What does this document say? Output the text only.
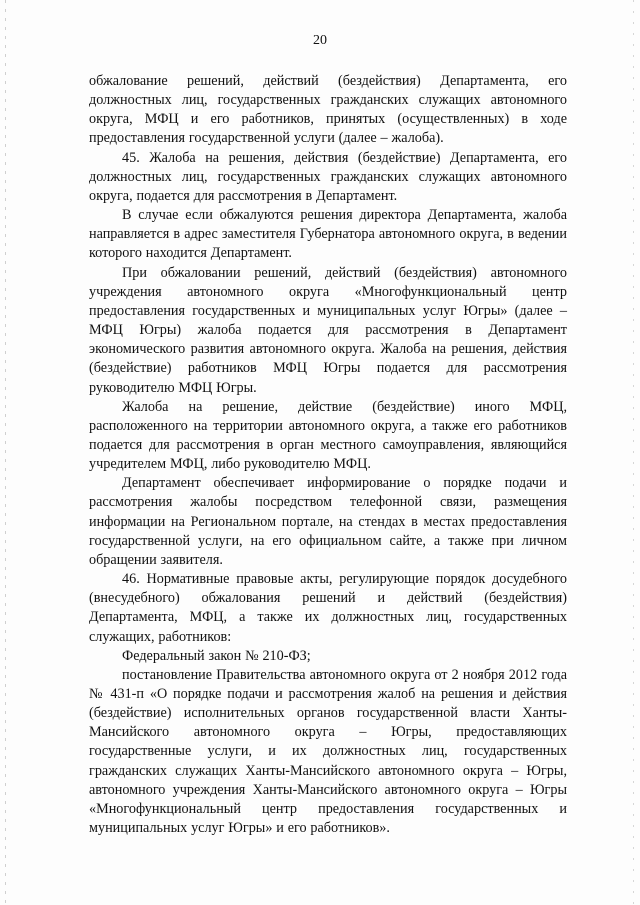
20

обжалование решений, действий (бездействия) Департамента, его должностных лиц, государственных гражданских служащих автономного округа, МФЦ и его работников, принятых (осуществленных) в ходе предоставления государственной услуги (далее – жалоба).

45. Жалоба на решения, действия (бездействие) Департамента, его должностных лиц, государственных гражданских служащих автономного округа, подается для рассмотрения в Департамент.

В случае если обжалуются решения директора Департамента, жалоба направляется в адрес заместителя Губернатора автономного округа, в ведении которого находится Департамент.

При обжаловании решений, действий (бездействия) автономного учреждения автономного округа «Многофункциональный центр предоставления государственных и муниципальных услуг Югры» (далее – МФЦ Югры) жалоба подается для рассмотрения в Департамент экономического развития автономного округа. Жалоба на решения, действия (бездействие) работников МФЦ Югры подается для рассмотрения руководителю МФЦ Югры.

Жалоба на решение, действие (бездействие) иного МФЦ, расположенного на территории автономного округа, а также его работников подается для рассмотрения в орган местного самоуправления, являющийся учредителем МФЦ, либо руководителю МФЦ.

Департамент обеспечивает информирование о порядке подачи и рассмотрения жалобы посредством телефонной связи, размещения информации на Региональном портале, на стендах в местах предоставления государственной услуги, на его официальном сайте, а также при личном обращении заявителя.

46. Нормативные правовые акты, регулирующие порядок досудебного (внесудебного) обжалования решений и действий (бездействия) Департамента, МФЦ, а также их должностных лиц, государственных служащих, работников:

Федеральный закон № 210-ФЗ;

постановление Правительства автономного округа от 2 ноября 2012 года № 431-п «О порядке подачи и рассмотрения жалоб на решения и действия (бездействие) исполнительных органов государственной власти Ханты-Мансийского автономного округа – Югры, предоставляющих государственные услуги, и их должностных лиц, государственных гражданских служащих Ханты-Мансийского автономного округа – Югры, автономного учреждения Ханты-Мансийского автономного округа – Югры «Многофункциональный центр предоставления государственных и муниципальных услуг Югры» и его работников».
